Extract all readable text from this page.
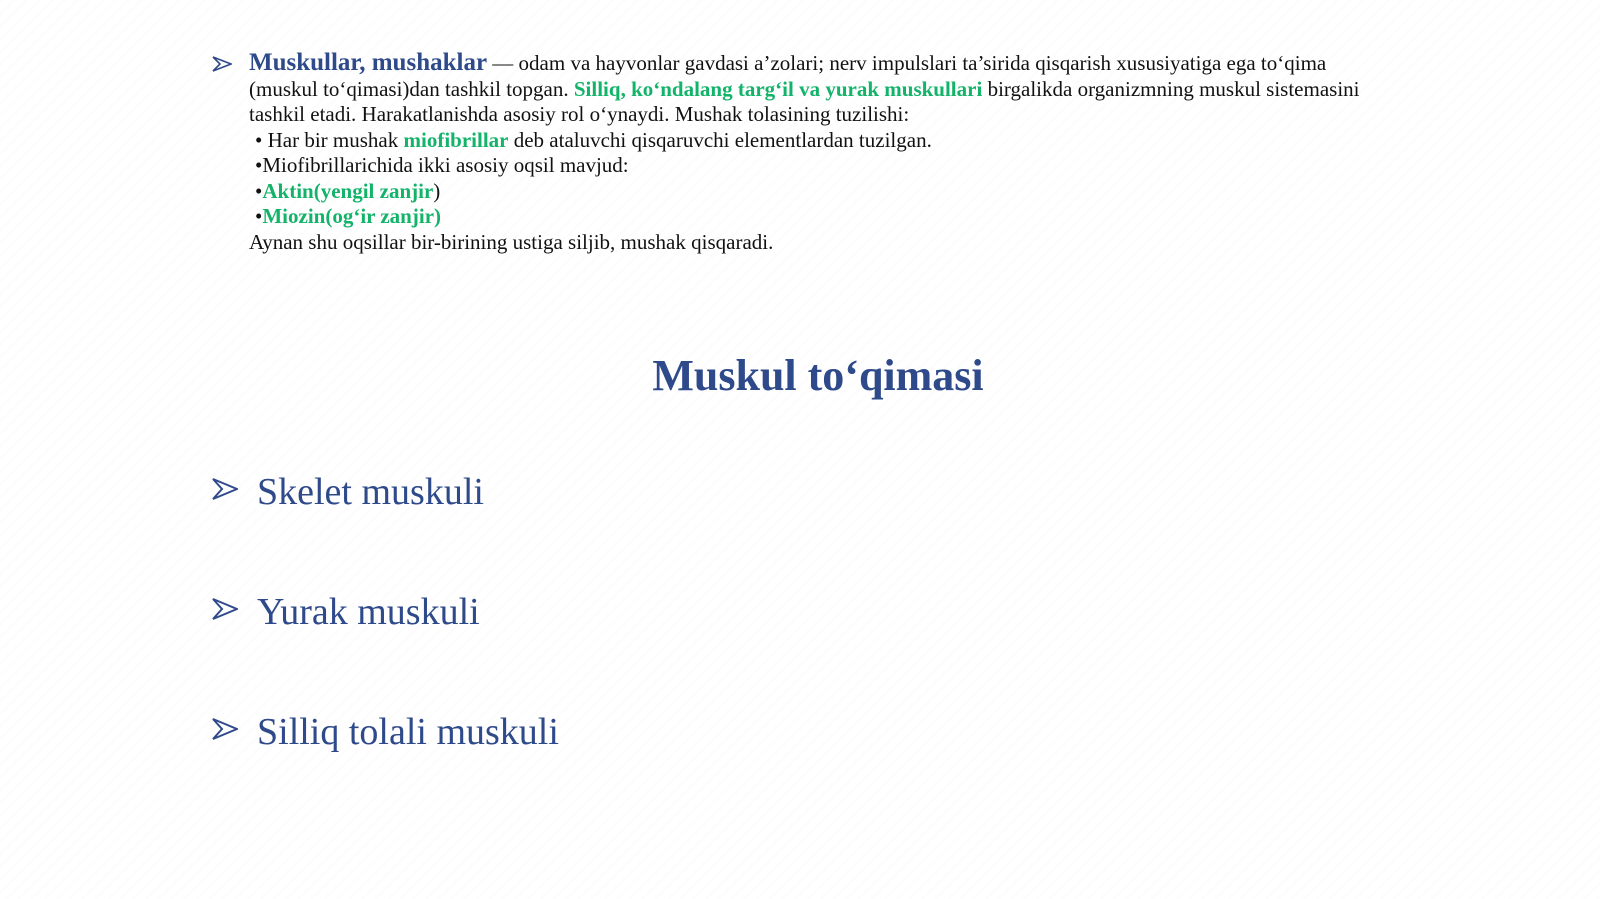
Muskullar, mushaklar — odam va hayvonlar gavdasi a’zolari; nerv impulslari ta’sirida qisqarish xususiyatiga ega to‘qima (muskul to‘qimasi)dan tashkil topgan. Silliq, ko‘ndalang targ‘il va yurak muskullari birgalikda organizmning muskul sistemasini tashkil etadi. Harakatlanishda asosiy rol o‘ynaydi. Mushak tolasining tuzilishi:
• Har bir mushak miofibrillar deb ataluvchi qisqaruvchi elementlardan tuzilgan.
•Miofibrillarichida ikki asosiy oqsil mavjud:
•Aktin(yengil zanjir)
•Miozin(og‘ir zanjir)
Aynan shu oqsillar bir-birining ustiga siljib, mushak qisqaradi.
Muskul to‘qimasi
Skelet muskuli
Yurak muskuli
Silliq tolali muskuli
